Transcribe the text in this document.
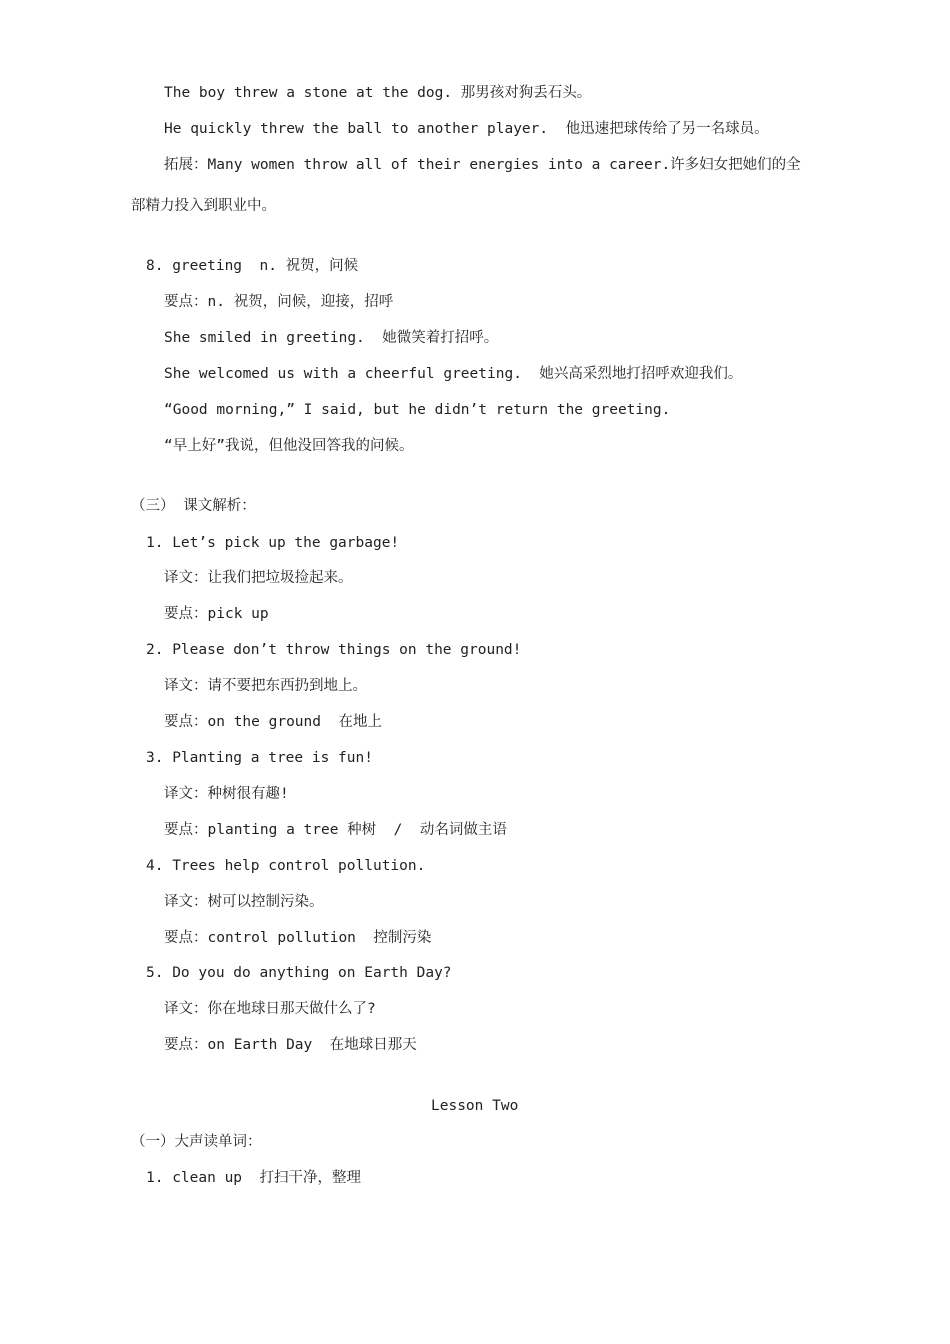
The boy threw a stone at the dog. 那男孩对狗丢石头。
He quickly threw the ball to another player.  他迅速把球传给了另一名球员。
拓展：Many women throw all of their energies into a career.许多妇女把她们的全
部精力投入到职业中。
8. greeting  n. 祝贺，问候
要点：n. 祝贺，问候，迎接，招呼
She smiled in greeting.  她微笑着打招呼。
She welcomed us with a cheerful greeting.  她兴高采烈地打招呼欢迎我们。
“Good morning,” I said, but he didn’t return the greeting.
“早上好”我说，但他没回答我的问候。
（三） 课文解析：
1. Let’s pick up the garbage!
译文：让我们把垃圾捡起来。
要点：pick up
2. Please don’t throw things on the ground!
译文：请不要把东西扔到地上。
要点：on the ground  在地上
3. Planting a tree is fun!
译文：种树很有趣!
要点：planting a tree 种树  /  动名词做主语
4. Trees help control pollution.
译文：树可以控制污染。
要点：control pollution  控制污染
5. Do you do anything on Earth Day?
译文：你在地球日那天做什么了?
要点：on Earth Day  在地球日那天
Lesson Two
（一）大声读单词：
1. clean up  打扫干净，整理
